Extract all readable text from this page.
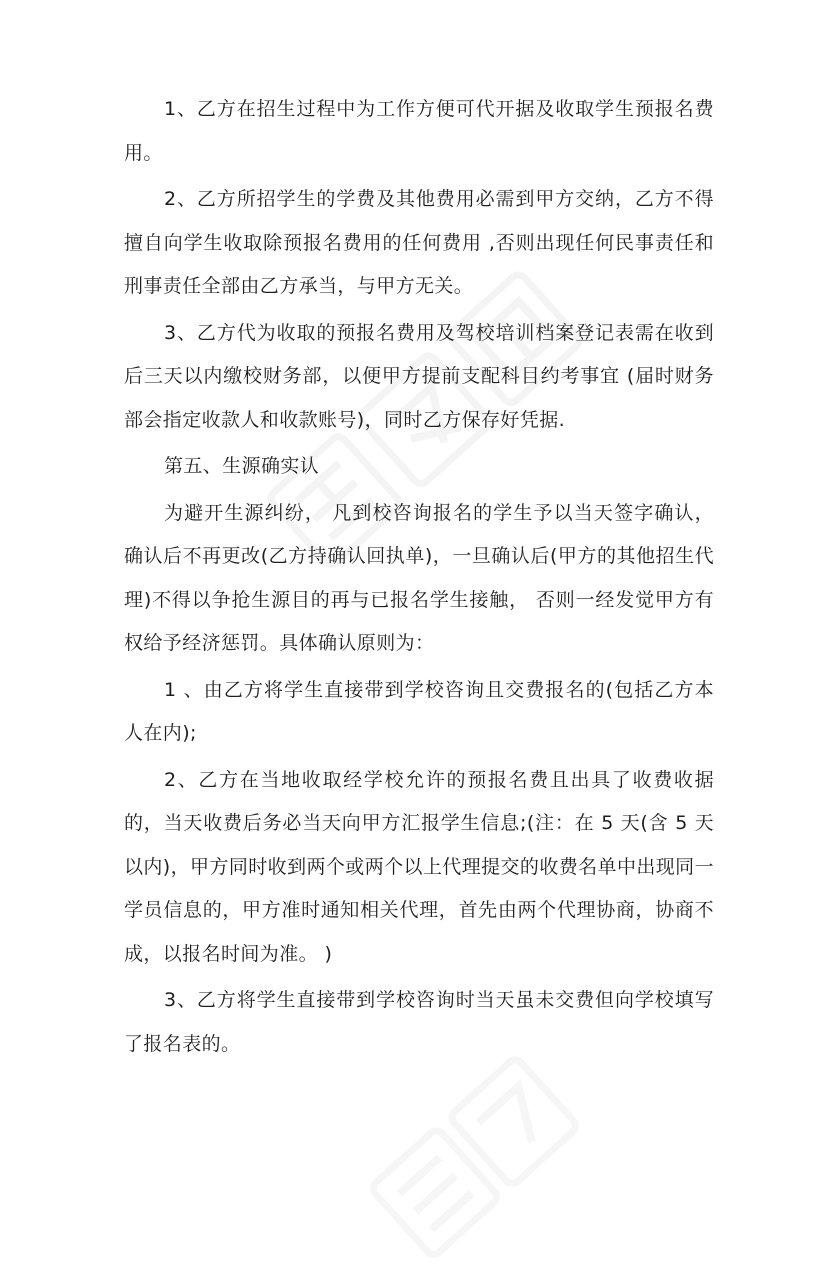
1、乙方在招生过程中为工作方便可代开据及收取学生预报名费用。

2、乙方所招学生的学费及其他费用必需到甲方交纳，乙方不得擅自向学生收取除预报名费用的任何费用 ,否则出现任何民事责任和刑事责任全部由乙方承当，与甲方无关。

3、乙方代为收取的预报名费用及驾校培训档案登记表需在收到后三天以内缴校财务部，以便甲方提前支配科目约考事宜 (届时财务部会指定收款人和收款账号)，同时乙方保存好凭据.

第五、生源确实认

为避开生源纠纷， 凡到校咨询报名的学生予以当天签字确认， 确认后不再更改(乙方持确认回执单)，一旦确认后(甲方的其他招生代理)不得以争抢生源目的再与已报名学生接触， 否则一经发觉甲方有权给予经济惩罚。具体确认原则为：

1 、由乙方将学生直接带到学校咨询且交费报名的(包括乙方本人在内);

2、乙方在当地收取经学校允许的预报名费且出具了收费收据的，当天收费后务必当天向甲方汇报学生信息;(注：在 5 天(含 5 天以内)，甲方同时收到两个或两个以上代理提交的收费名单中出现同一学员信息的，甲方准时通知相关代理，首先由两个代理协商，协商不成，以报名时间为准。 )

3、乙方将学生直接带到学校咨询时当天虽未交费但向学校填写了报名表的。
